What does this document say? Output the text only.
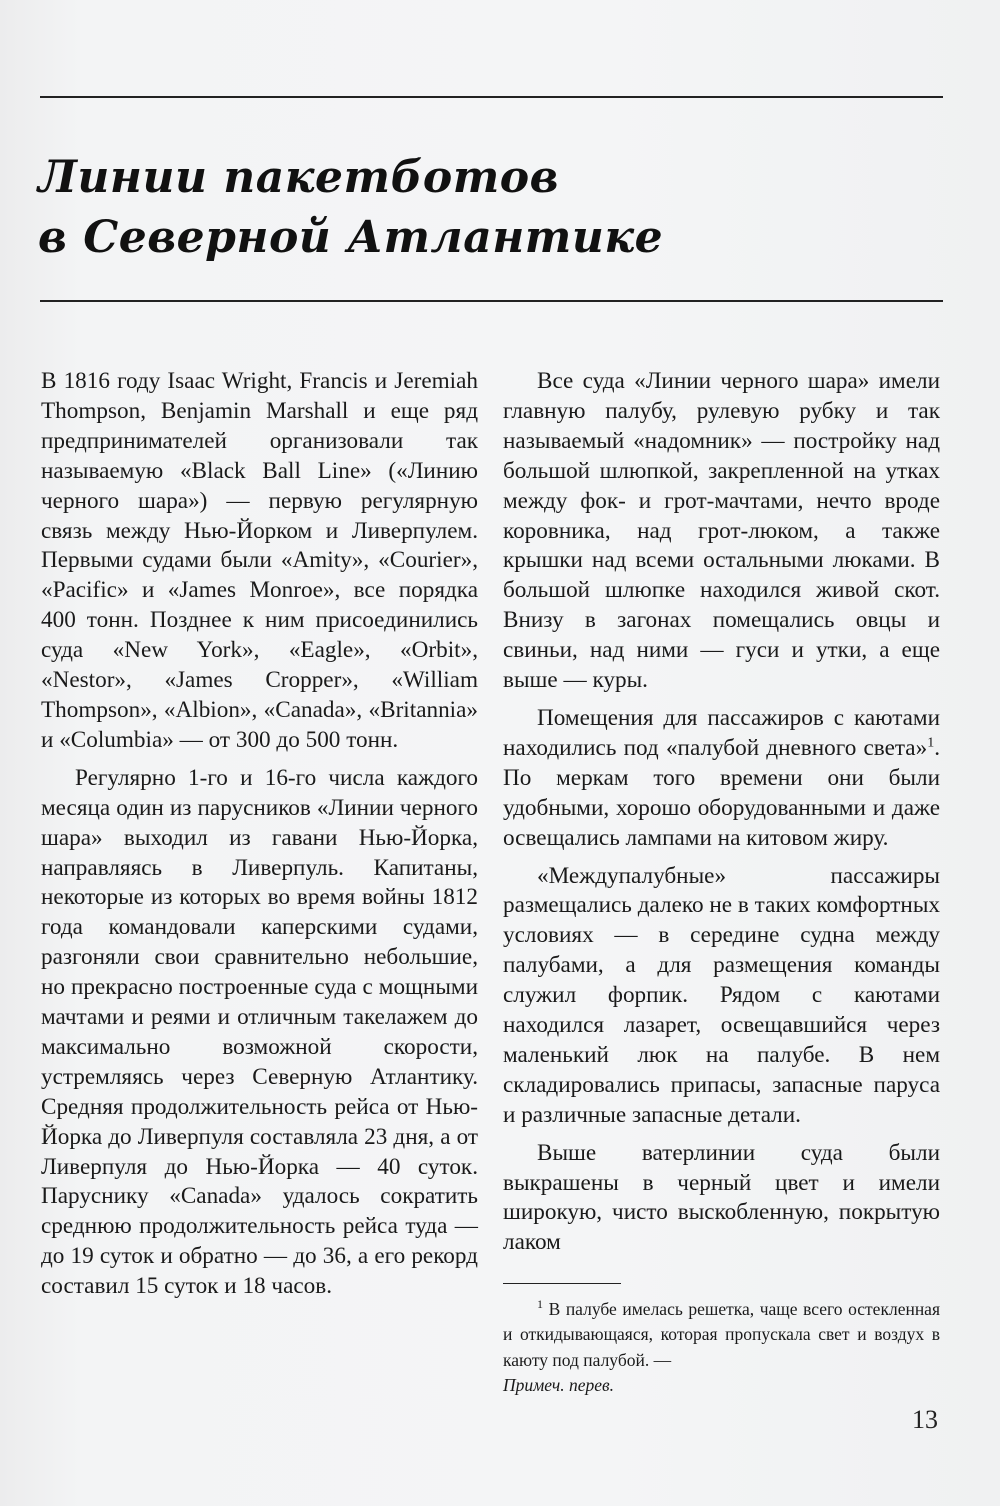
Линии пакетботов
в Северной Атлантике

В 1816 году Isaac Wright, Francis и Jeremiah Thompson, Benjamin Marshall и еще ряд предпринимателей организовали так называемую «Black Ball Line» («Линию черного шара») — первую регулярную связь между Нью-Йорком и Ливерпулем. Первыми судами были «Amity», «Courier», «Pacific» и «James Monroe», все порядка 400 тонн. Позднее к ним присоединились суда «New York», «Eagle», «Orbit», «Nestor», «James Cropper», «William Thompson», «Albion», «Canada», «Britannia» и «Columbia» — от 300 до 500 тонн.

Регулярно 1-го и 16-го числа каждого месяца один из парусников «Линии черного шара» выходил из гавани Нью-Йорка, направляясь в Ливерпуль. Капитаны, некоторые из которых во время войны 1812 года командовали каперскими судами, разгоняли свои сравнительно небольшие, но прекрасно построенные суда с мощными мачтами и реями и отличным такелажем до максимально возможной скорости, устремляясь через Северную Атлантику. Средняя продолжительность рейса от Нью-Йорка до Ливерпуля составляла 23 дня, а от Ливерпуля до Нью-Йорка — 40 суток. Паруснику «Canada» удалось сократить среднюю продолжительность рейса туда — до 19 суток и обратно — до 36, а его рекорд составил 15 суток и 18 часов.

Все суда «Линии черного шара» имели главную палубу, рулевую рубку и так называемый «надомник» — постройку над большой шлюпкой, закрепленной на утках между фок- и грот-мачтами, нечто вроде коровника, над грот-люком, а также крышки над всеми остальными люками. В большой шлюпке находился живой скот. Внизу в загонах помещались овцы и свиньи, над ними — гуси и утки, а еще выше — куры.

Помещения для пассажиров с каютами находились под «палубой дневного света»$^1$. По меркам того времени они были удобными, хорошо оборудованными и даже освещались лампами на китовом жиру.

«Междупалубные» пассажиры размещались далеко не в таких комфортных условиях — в середине судна между палубами, а для размещения команды служил форпик. Рядом с каютами находился лазарет, освещавшийся через маленький люк на палубе. В нем складировались припасы, запасные паруса и различные запасные детали.

Выше ватерлинии суда были выкрашены в черный цвет и имели широкую, чисто выскобленную, покрытую лаком

$^1$ В палубе имелась решетка, чаще всего остекленная и откидывающаяся, которая пропускала свет и воздух в каюту под палубой. —
Примеч. перев.
13
